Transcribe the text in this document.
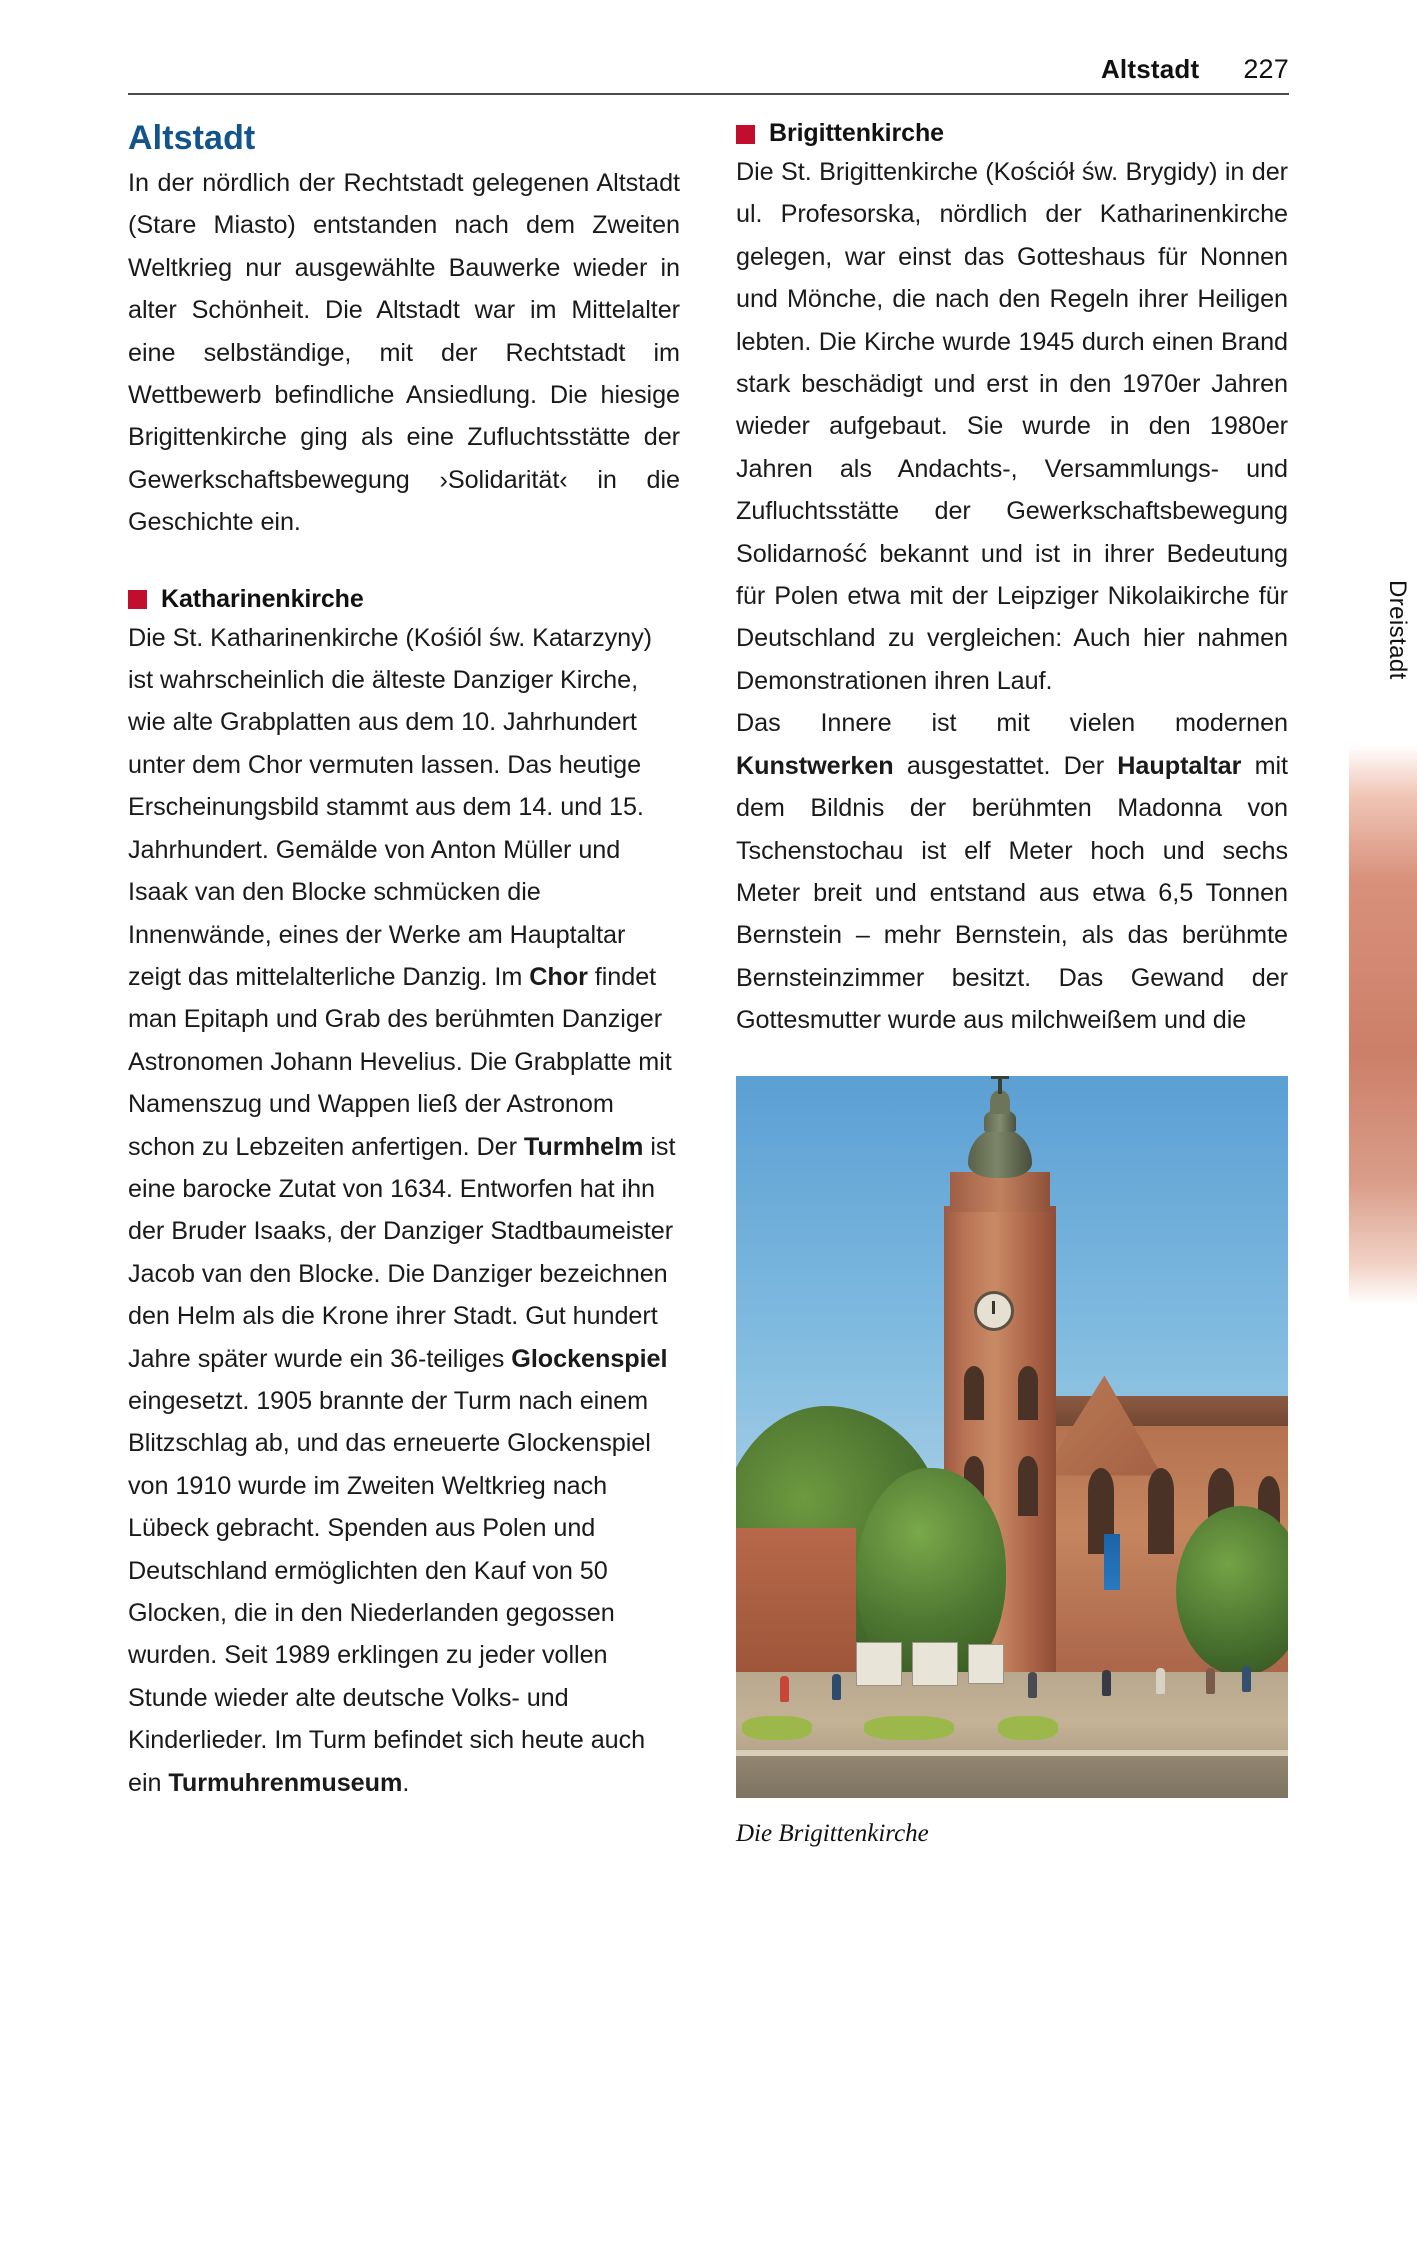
Altstadt 227
Dreistadt
Altstadt

In der nördlich der Rechtstadt gelegenen Altstadt (Stare Miasto) entstanden nach dem Zweiten Weltkrieg nur ausgewählte Bauwerke wieder in alter Schönheit. Die Altstadt war im Mittelalter eine selbständige, mit der Rechtstadt im Wettbewerb befindliche Ansiedlung. Die hiesige Brigittenkirche ging als eine Zufluchtsstätte der Gewerkschaftsbewegung ›Solidarität‹ in die Geschichte ein.

Katharinenkirche

Die St. Katharinenkirche (Kośiól św. Katarzyny) ist wahrscheinlich die älteste Danziger Kirche, wie alte Grabplatten aus dem 10. Jahrhundert unter dem Chor vermuten lassen. Das heutige Erscheinungsbild stammt aus dem 14. und 15. Jahrhundert. Gemälde von Anton Müller und Isaak van den Blocke schmücken die Innenwände, eines der Werke am Hauptaltar zeigt das mittelalterliche Danzig. Im Chor findet man Epitaph und Grab des berühmten Danziger Astronomen Johann Hevelius. Die Grabplatte mit Namenszug und Wappen ließ der Astronom schon zu Lebzeiten anfertigen. Der Turmhelm ist eine barocke Zutat von 1634. Entworfen hat ihn der Bruder Isaaks, der Danziger Stadtbaumeister Jacob van den Blocke. Die Danziger bezeichnen den Helm als die Krone ihrer Stadt. Gut hundert Jahre später wurde ein 36-teiliges Glockenspiel eingesetzt. 1905 brannte der Turm nach einem Blitzschlag ab, und das erneuerte Glockenspiel von 1910 wurde im Zweiten Weltkrieg nach Lübeck gebracht. Spenden aus Polen und Deutschland ermöglichten den Kauf von 50 Glocken, die in den Niederlanden gegossen wurden. Seit 1989 erklingen zu jeder vollen Stunde wieder alte deutsche Volks- und Kinderlieder. Im Turm befindet sich heute auch ein Turmuhrenmuseum.

Brigittenkirche

Die St. Brigittenkirche (Kościół św. Brygidy) in der ul. Profesorska, nördlich der Katharinenkirche gelegen, war einst das Gotteshaus für Nonnen und Mönche, die nach den Regeln ihrer Heiligen lebten. Die Kirche wurde 1945 durch einen Brand stark beschädigt und erst in den 1970er Jahren wieder aufgebaut. Sie wurde in den 1980er Jahren als Andachts-, Versammlungs- und Zufluchtsstätte der Gewerkschaftsbewegung Solidarność bekannt und ist in ihrer Bedeutung für Polen etwa mit der Leipziger Nikolaikirche für Deutschland zu vergleichen: Auch hier nahmen Demonstrationen ihren Lauf.

Das Innere ist mit vielen modernen Kunstwerken ausgestattet. Der Hauptaltar mit dem Bildnis der berühmten Madonna von Tschenstochau ist elf Meter hoch und sechs Meter breit und entstand aus etwa 6,5 Tonnen Bernstein – mehr Bernstein, als das berühmte Bernsteinzimmer besitzt. Das Gewand der Gottesmutter wurde aus milchweißem und die

Die Brigittenkirche
